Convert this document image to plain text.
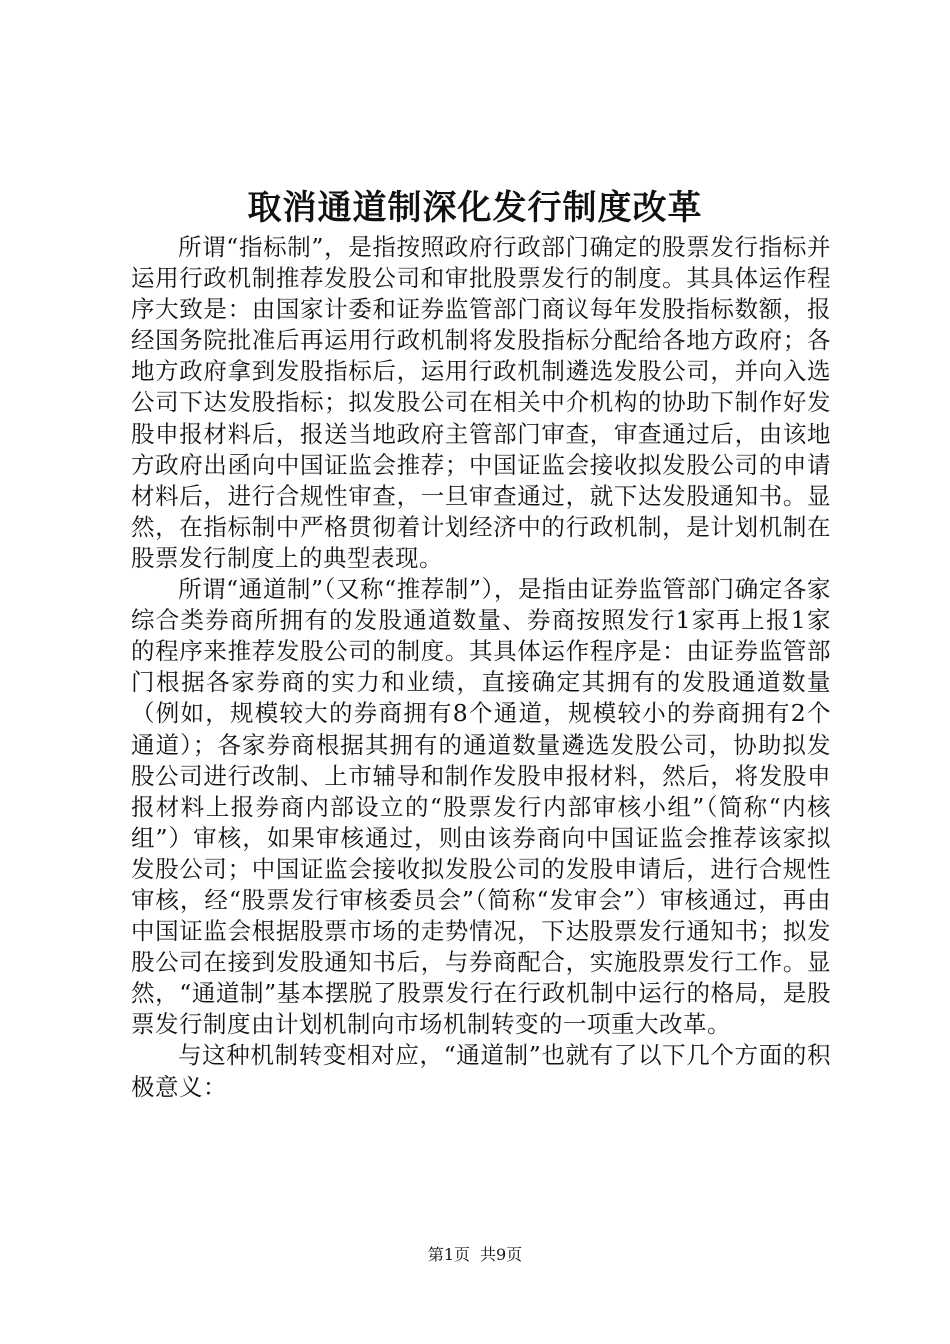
取消通道制深化发行制度改革

所谓“指标制”，是指按照政府行政部门确定的股票发行指标并运用行政机制推荐发股公司和审批股票发行的制度。其具体运作程序大致是：由国家计委和证券监管部门商议每年发股指标数额，报经国务院批准后再运用行政机制将发股指标分配给各地方政府；各地方政府拿到发股指标后，运用行政机制遴选发股公司，并向入选公司下达发股指标；拟发股公司在相关中介机构的协助下制作好发股申报材料后，报送当地政府主管部门审查，审查通过后，由该地方政府出函向中国证监会推荐；中国证监会接收拟发股公司的申请材料后，进行合规性审查，一旦审查通过，就下达发股通知书。显然，在指标制中严格贯彻着计划经济中的行政机制，是计划机制在股票发行制度上的典型表现。

所谓“通道制”（又称“推荐制”），是指由证券监管部门确定各家综合类券商所拥有的发股通道数量、券商按照发行1家再上报1家的程序来推荐发股公司的制度。其具体运作程序是：由证券监管部门根据各家券商的实力和业绩，直接确定其拥有的发股通道数量（例如，规模较大的券商拥有8个通道，规模较小的券商拥有2个通道）；各家券商根据其拥有的通道数量遴选发股公司，协助拟发股公司进行改制、上市辅导和制作发股申报材料，然后，将发股申报材料上报券商内部设立的“股票发行内部审核小组”（简称“内核组”）审核，如果审核通过，则由该券商向中国证监会推荐该家拟发股公司；中国证监会接收拟发股公司的发股申请后，进行合规性审核，经“股票发行审核委员会”（简称“发审会”）审核通过，再由中国证监会根据股票市场的走势情况，下达股票发行通知书；拟发股公司在接到发股通知书后，与券商配合，实施股票发行工作。显然，“通道制”基本摆脱了股票发行在行政机制中运行的格局，是股票发行制度由计划机制向市场机制转变的一项重大改革。

与这种机制转变相对应，“通道制”也就有了以下几个方面的积极意义：

第1页 共9页
